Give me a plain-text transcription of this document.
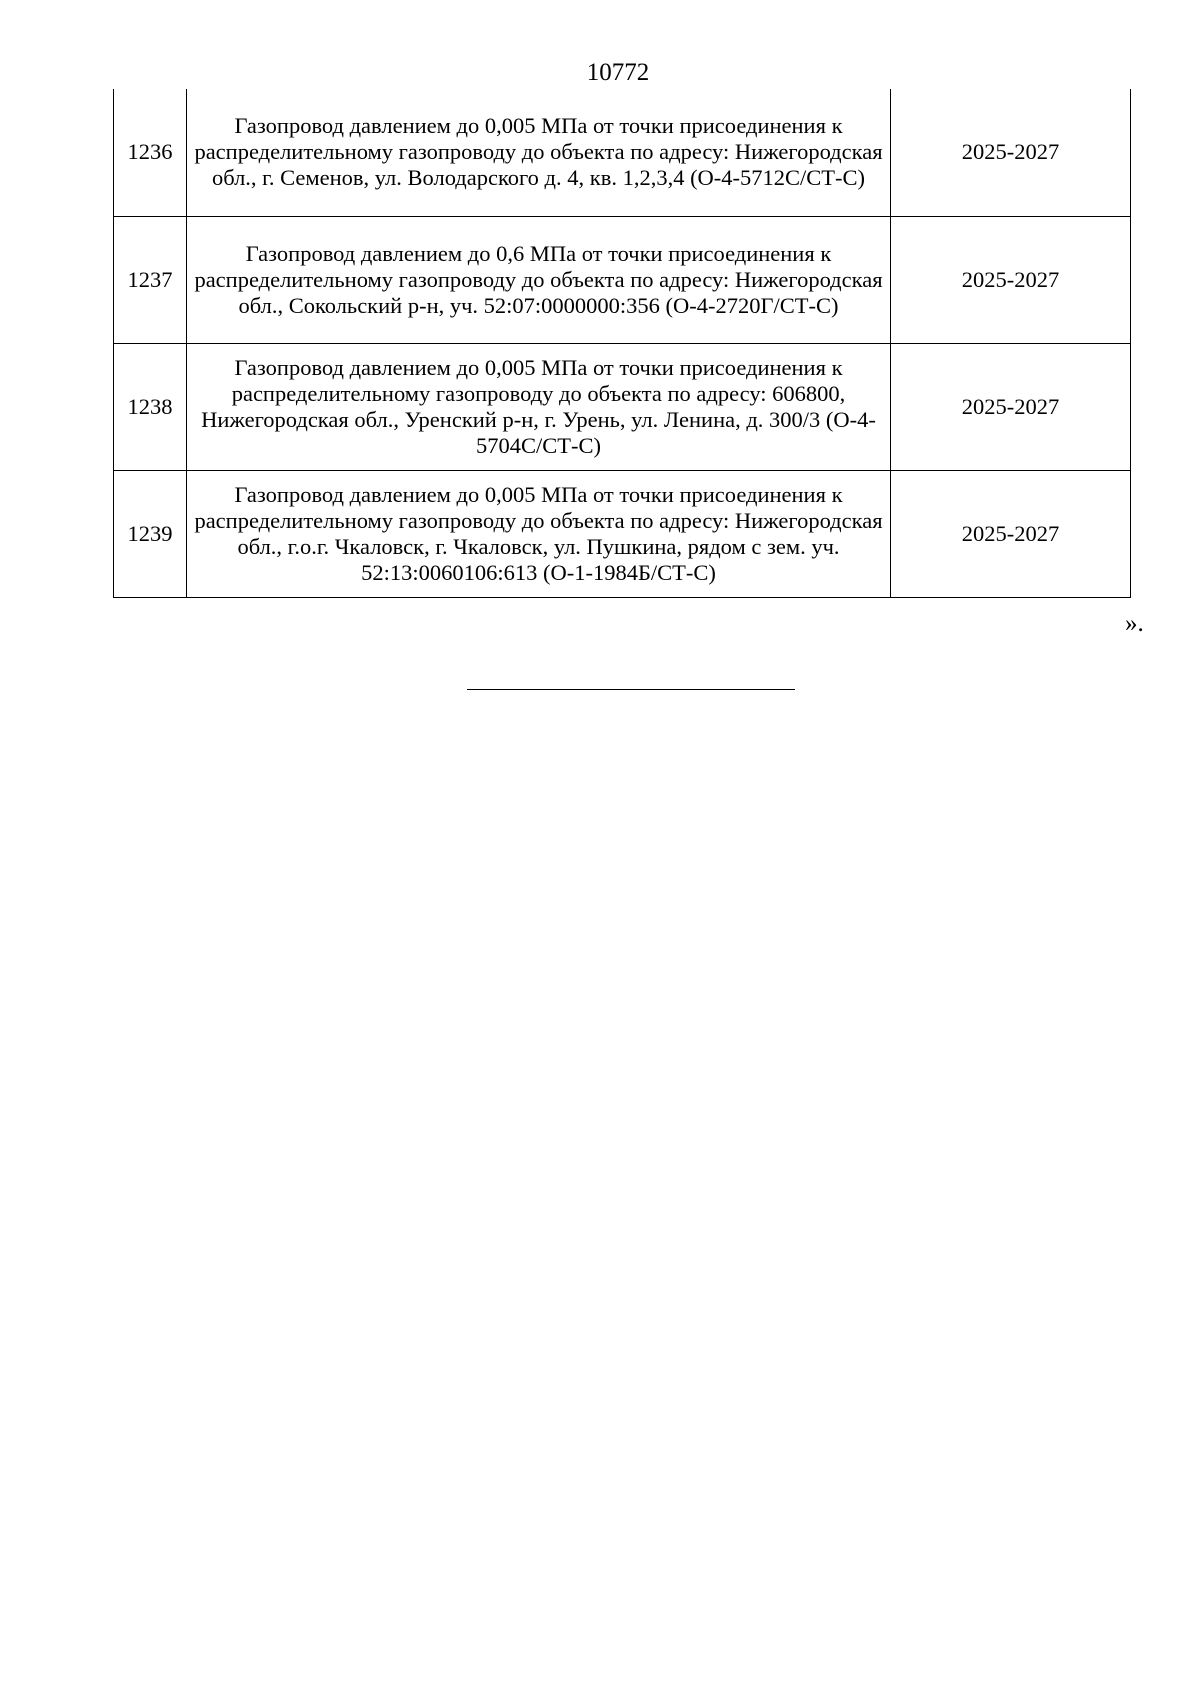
10772
1236	Газопровод давлением до 0,005 МПа от точки присоединения к распределительному газопроводу до объекта по адресу: Нижегородская обл., г. Семенов, ул. Володарского д. 4, кв. 1,2,3,4 (О-4-5712С/СТ-С)	2025-2027
1237	Газопровод давлением до 0,6 МПа от точки присоединения к распределительному газопроводу до объекта по адресу: Нижегородская обл., Сокольский р-н, уч. 52:07:0000000:356 (О-4-2720Г/СТ-С)	2025-2027
1238	Газопровод давлением до 0,005 МПа от точки присоединения к распределительному газопроводу до объекта по адресу: 606800, Нижегородская обл., Уренский р-н, г. Урень, ул. Ленина, д. 300/3 (О-4-5704С/СТ-С)	2025-2027
1239	Газопровод давлением до 0,005 МПа от точки присоединения к распределительному газопроводу до объекта по адресу: Нижегородская обл., г.о.г. Чкаловск, г. Чкаловск, ул. Пушкина, рядом с зем. уч. 52:13:0060106:613 (О-1-1984Б/СТ-С)	2025-2027
».
